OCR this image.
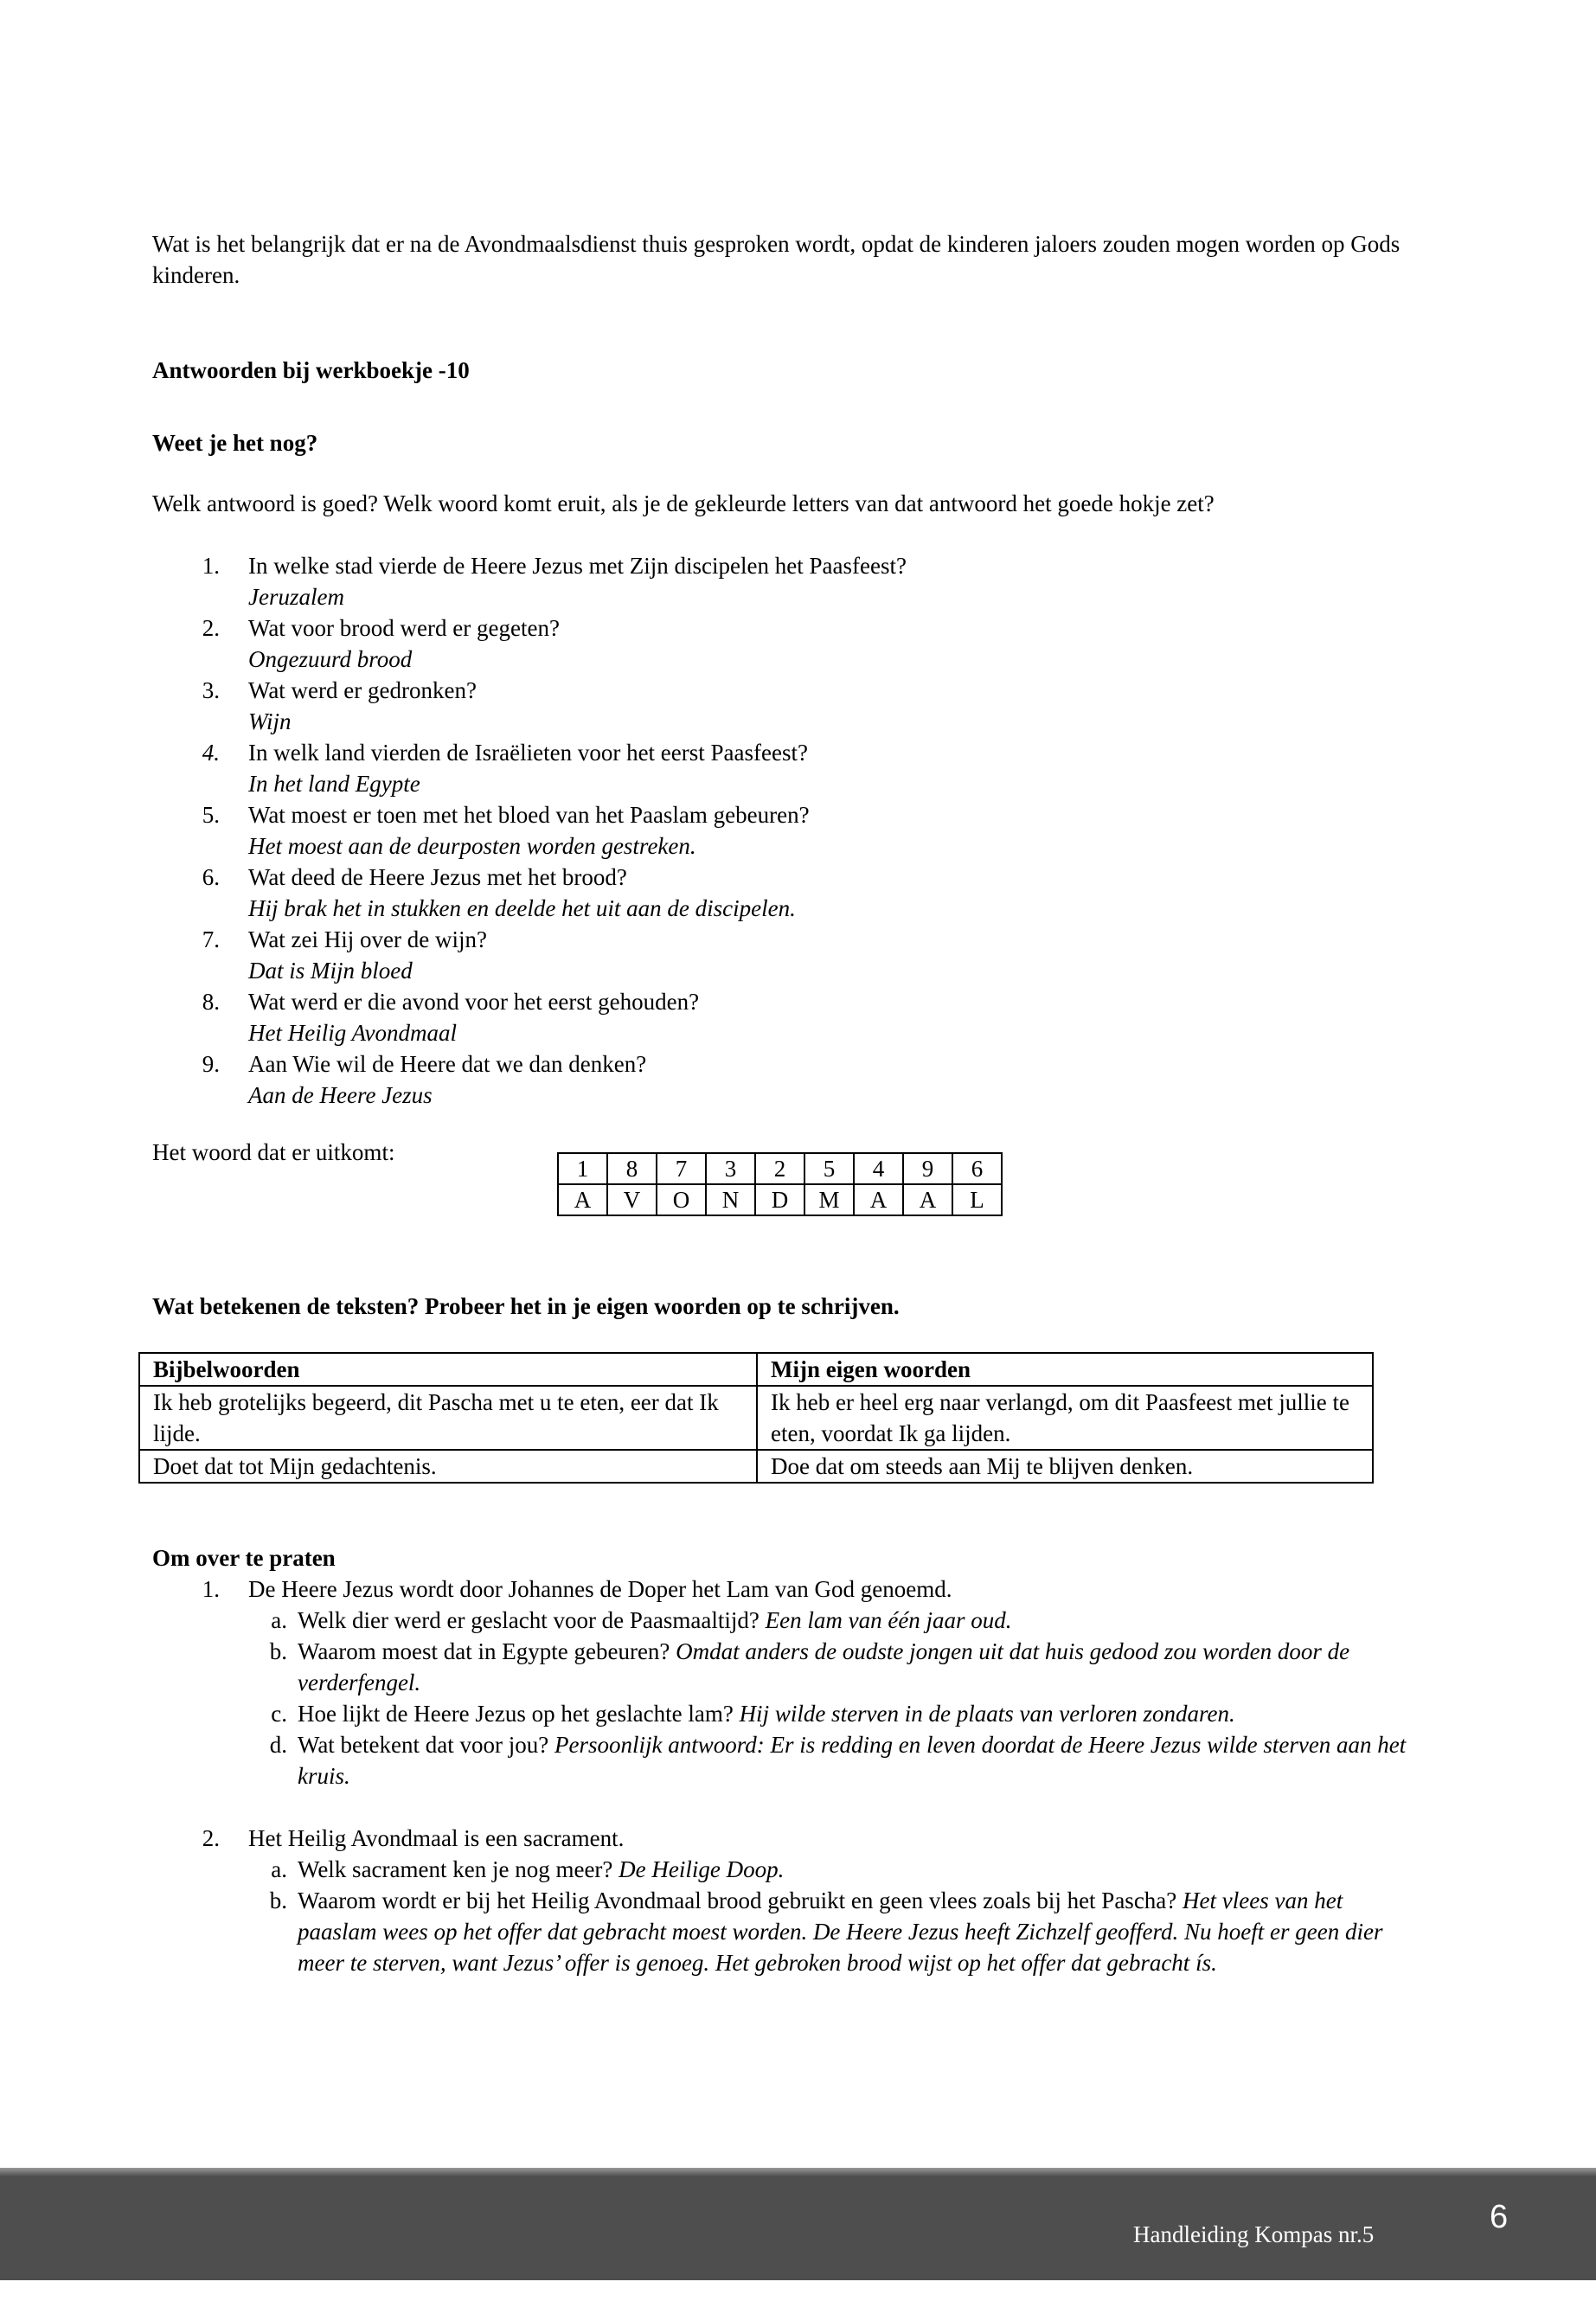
Wat is het belangrijk dat er na de Avondmaalsdienst thuis gesproken wordt, opdat de kinderen jaloers zouden mogen worden op Gods kinderen.

Antwoorden bij werkboekje -10

Weet je het nog?

Welk antwoord is goed? Welk woord komt eruit, als je de gekleurde letters van dat antwoord het goede hokje zet?

1. In welke stad vierde de Heere Jezus met Zijn discipelen het Paasfeest?
Jeruzalem
2. Wat voor brood werd er gegeten?
Ongezuurd brood
3. Wat werd er gedronken?
Wijn
4. In welk land vierden de Israëlieten voor het eerst Paasfeest?
In het land Egypte
5. Wat moest er toen met het bloed van het Paaslam gebeuren?
Het moest aan de deurposten worden gestreken.
6. Wat deed de Heere Jezus met het brood?
Hij brak het in stukken en deelde het uit aan de discipelen.
7. Wat zei Hij over de wijn?
Dat is Mijn bloed
8. Wat werd er die avond voor het eerst gehouden?
Het Heilig Avondmaal
9. Aan Wie wil de Heere dat we dan denken?
Aan de Heere Jezus

Het woord dat er uitkomt:

1	8	7	3	2	5	4	9	6
A	V	O	N	D	M	A	A	L

Wat betekenen de teksten? Probeer het in je eigen woorden op te schrijven.

Bijbelwoorden	Mijn eigen woorden
Ik heb grotelijks begeerd, dit Pascha met u te eten, eer dat Ik lijde.	Ik heb er heel erg naar verlangd, om dit Paasfeest met jullie te eten, voordat Ik ga lijden.
Doet dat tot Mijn gedachtenis.	Doe dat om steeds aan Mij te blijven denken.

Om over te praten

1. De Heere Jezus wordt door Johannes de Doper het Lam van God genoemd.
a. Welk dier werd er geslacht voor de Paasmaaltijd? Een lam van één jaar oud.
b. Waarom moest dat in Egypte gebeuren? Omdat anders de oudste jongen uit dat huis gedood zou worden door de verderfengel.
c. Hoe lijkt de Heere Jezus op het geslachte lam? Hij wilde sterven in de plaats van verloren zondaren.
d. Wat betekent dat voor jou? Persoonlijk antwoord: Er is redding en leven doordat de Heere Jezus wilde sterven aan het kruis.
2. Het Heilig Avondmaal is een sacrament.
a. Welk sacrament ken je nog meer? De Heilige Doop.
b. Waarom wordt er bij het Heilig Avondmaal brood gebruikt en geen vlees zoals bij het Pascha? Het vlees van het paaslam wees op het offer dat gebracht moest worden. De Heere Jezus heeft Zichzelf geofferd. Nu hoeft er geen dier meer te sterven, want Jezus’ offer is genoeg. Het gebroken brood wijst op het offer dat gebracht ís.
Handleiding Kompas nr.5	6
